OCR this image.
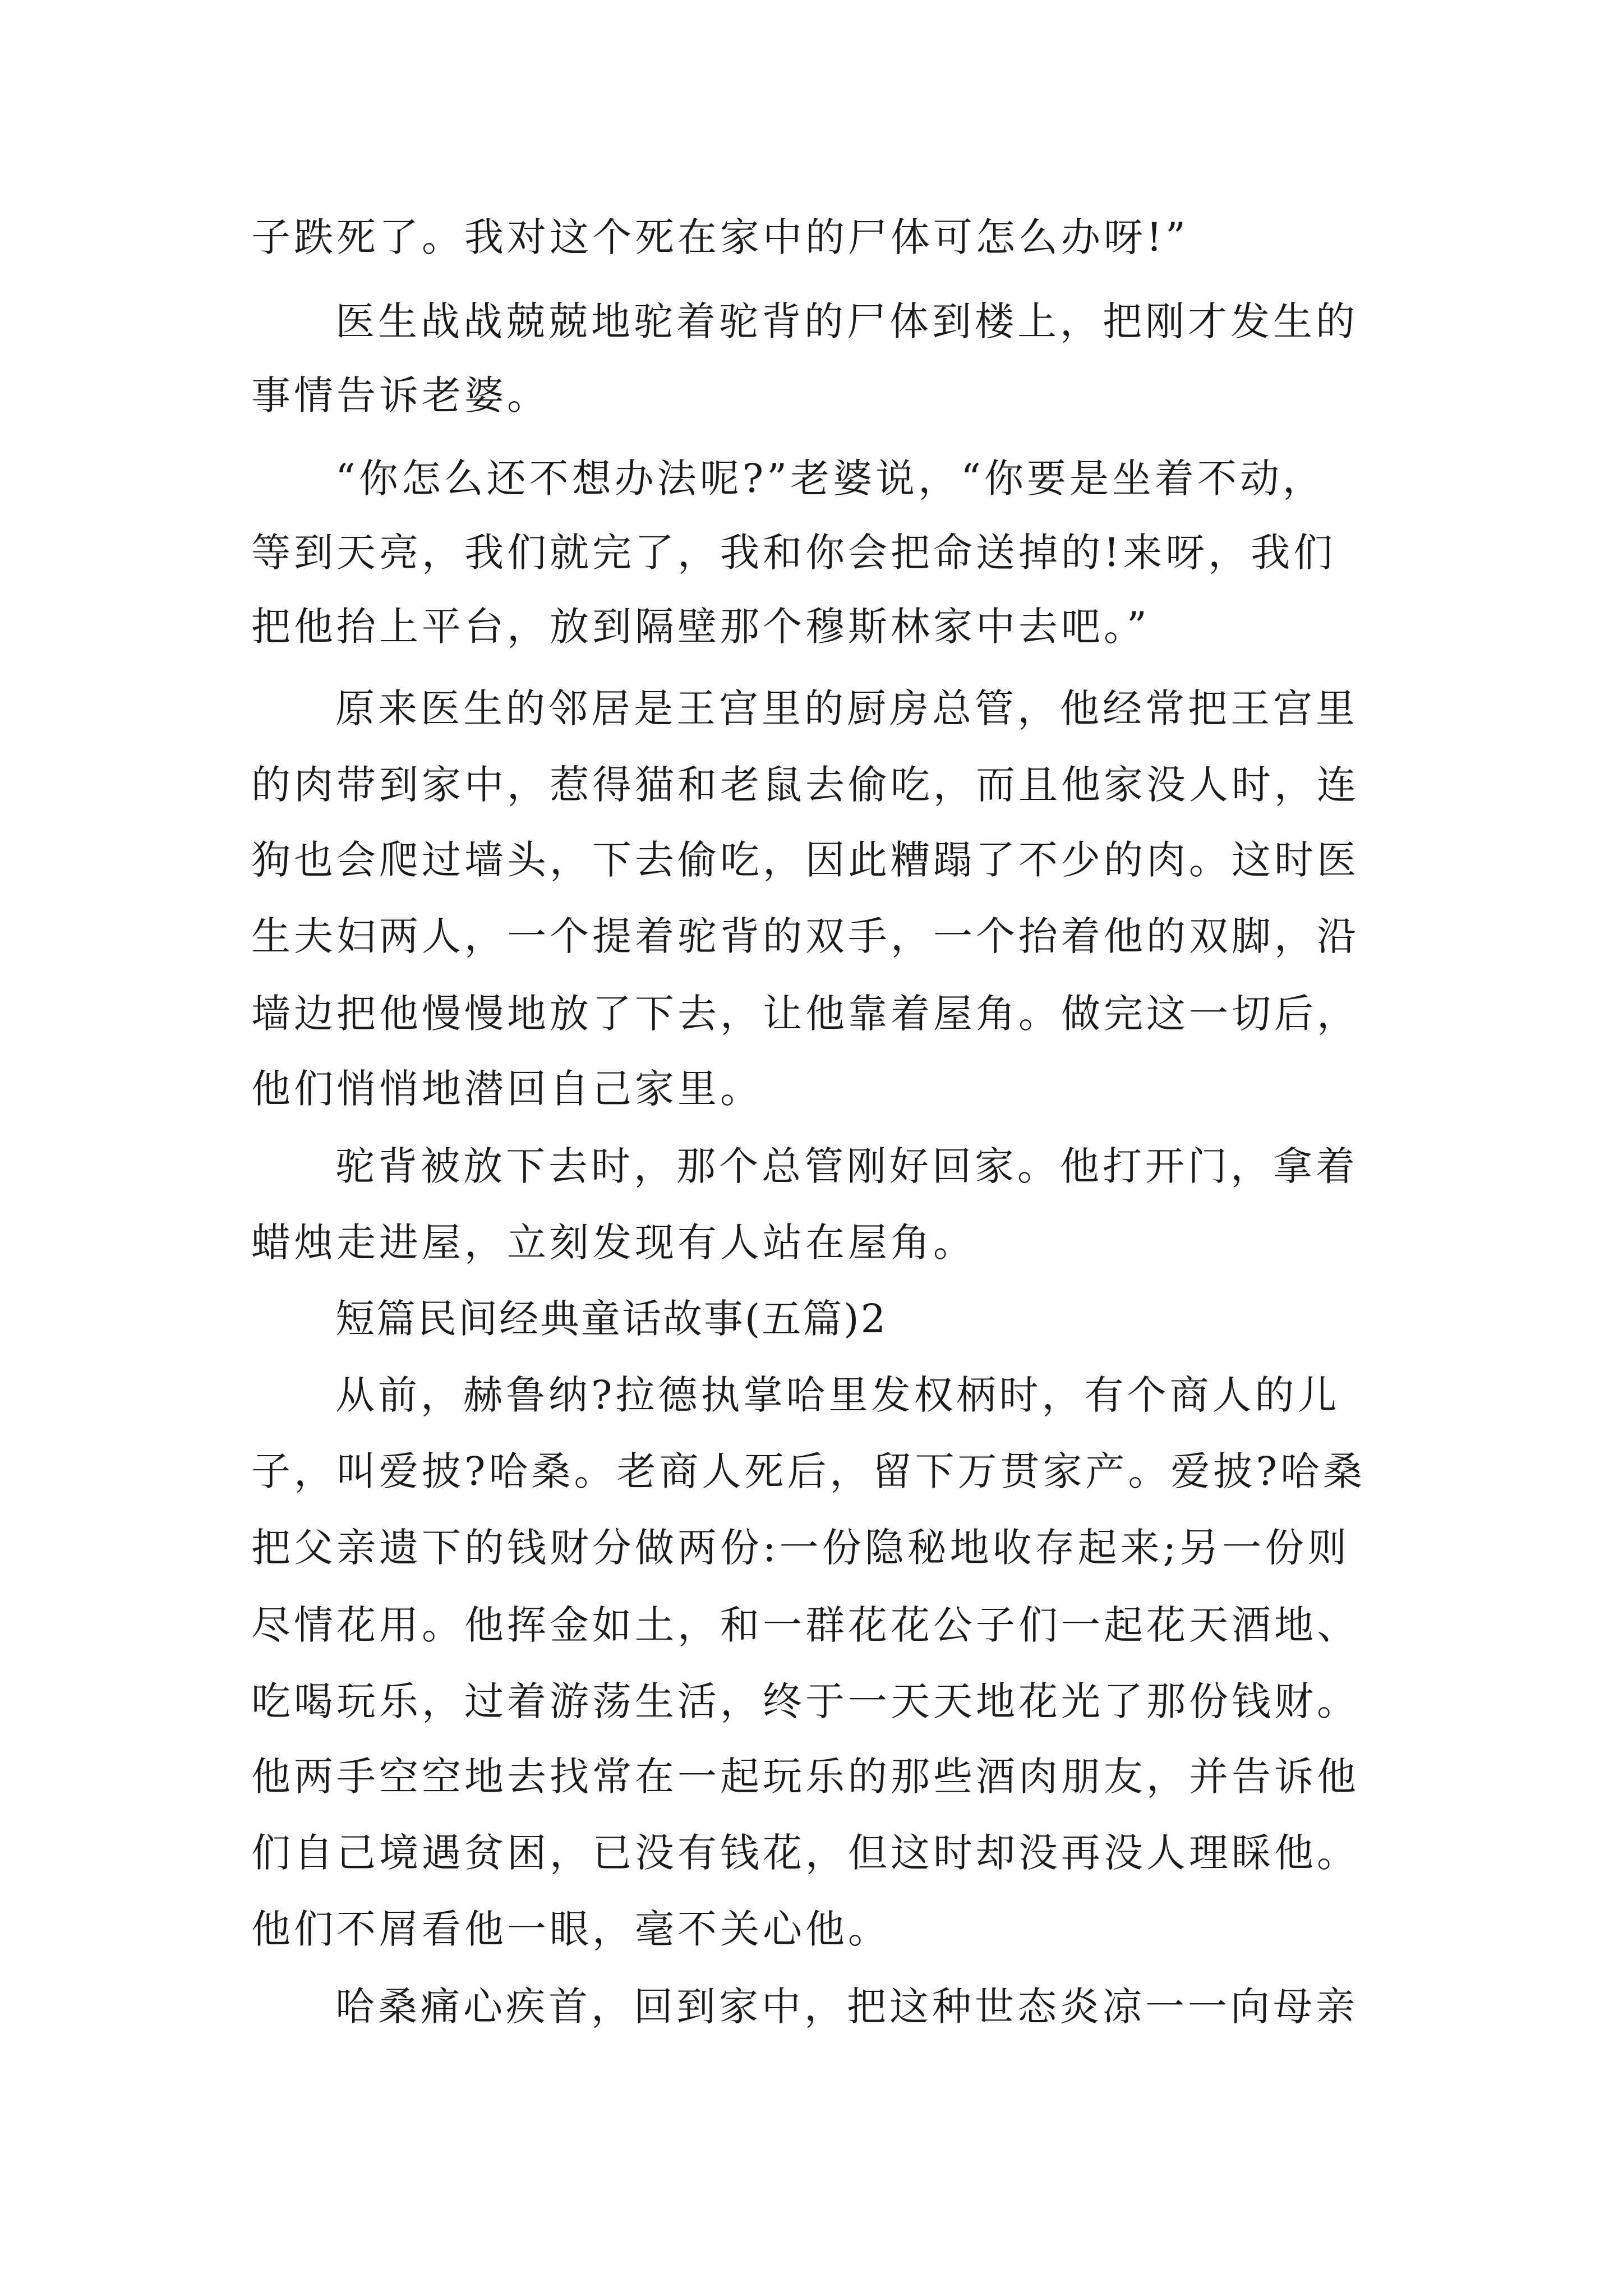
子跌死了。我对这个死在家中的尸体可怎么办呀!”
医生战战兢兢地驼着驼背的尸体到楼上，把刚才发生的
事情告诉老婆。
“你怎么还不想办法呢?”老婆说，“你要是坐着不动，
等到天亮，我们就完了，我和你会把命送掉的!来呀，我们
把他抬上平台，放到隔壁那个穆斯林家中去吧。”
原来医生的邻居是王宫里的厨房总管，他经常把王宫里
的肉带到家中，惹得猫和老鼠去偷吃，而且他家没人时，连
狗也会爬过墙头，下去偷吃，因此糟蹋了不少的肉。这时医
生夫妇两人，一个提着驼背的双手，一个抬着他的双脚，沿
墙边把他慢慢地放了下去，让他靠着屋角。做完这一切后，
他们悄悄地潜回自己家里。
驼背被放下去时，那个总管刚好回家。他打开门，拿着
蜡烛走进屋，立刻发现有人站在屋角。
短篇民间经典童话故事(五篇)2
从前，赫鲁纳?拉德执掌哈里发权柄时，有个商人的儿
子，叫爱披?哈桑。老商人死后，留下万贯家产。爱披?哈桑
把父亲遗下的钱财分做两份:一份隐秘地收存起来;另一份则
尽情花用。他挥金如土，和一群花花公子们一起花天酒地、
吃喝玩乐，过着游荡生活，终于一天天地花光了那份钱财。
他两手空空地去找常在一起玩乐的那些酒肉朋友，并告诉他
们自己境遇贫困，已没有钱花，但这时却没再没人理睬他。
他们不屑看他一眼，毫不关心他。
哈桑痛心疾首，回到家中，把这种世态炎凉一一向母亲
